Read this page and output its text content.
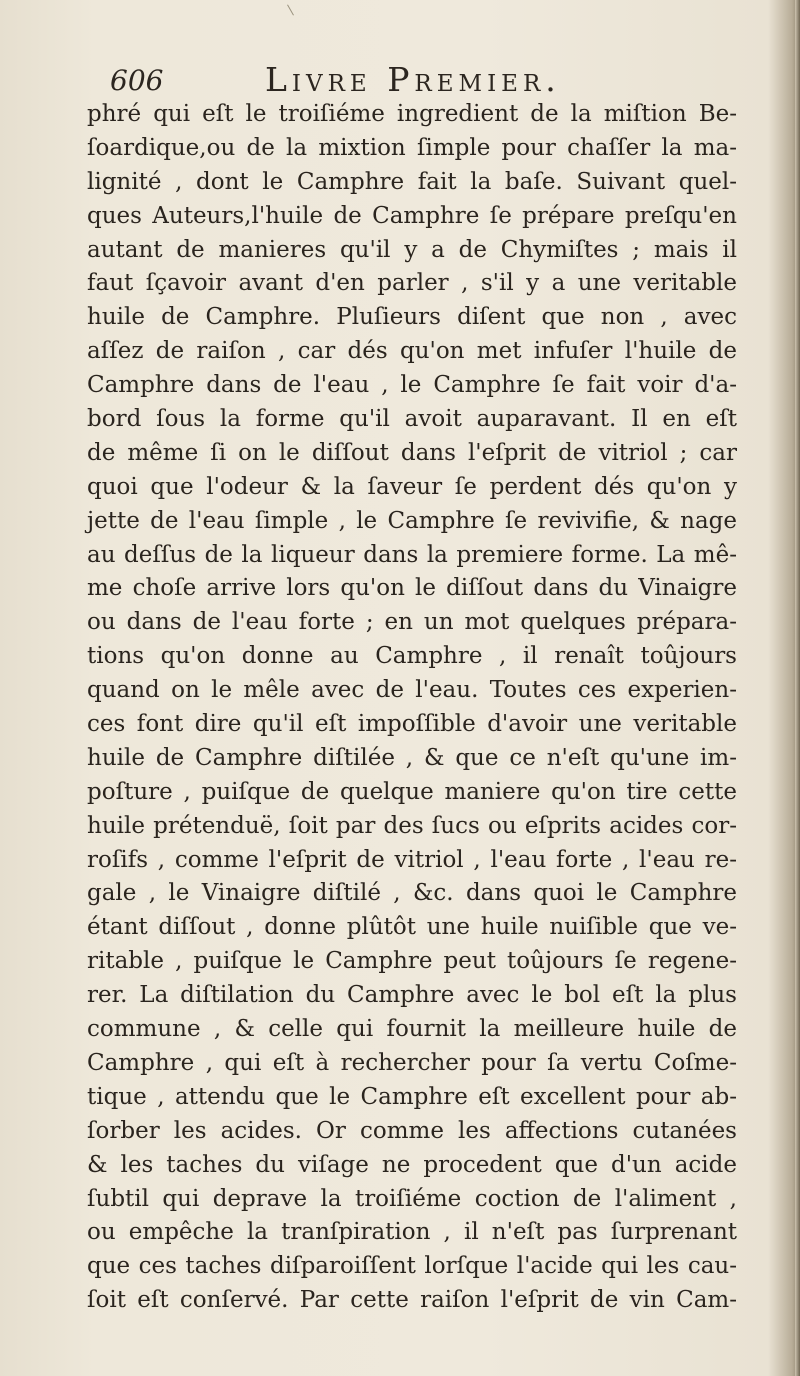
606	Livre Premier.
phré qui eſt le troiſiéme ingredient de la miſtion Be-
ſoardique,ou de la mixtion ſimple pour chaſſer la ma-
lignité , dont le Camphre fait la baſe. Suivant quel-
ques Auteurs,l'huile de Camphre ſe prépare preſqu'en
autant de manieres qu'il y a de Chymiſtes ; mais il
faut ſçavoir avant d'en parler , s'il y a une veritable
huile de Camphre. Pluſieurs diſent que non , avec
aſſez de raiſon , car dés qu'on met infuſer l'huile de
Camphre dans de l'eau , le Camphre ſe fait voir d'a-
bord ſous la forme qu'il avoit auparavant. Il en eſt
de même ſi on le diſſout dans l'eſprit de vitriol ; car
quoi que l'odeur & la ſaveur ſe perdent dés qu'on y
jette de l'eau ſimple , le Camphre ſe revivifie, & nage
au deſſus de la liqueur dans la premiere forme. La mê-
me choſe arrive lors qu'on le diſſout dans du Vinaigre
ou dans de l'eau forte ; en un mot quelques prépara-
tions qu'on donne au Camphre , il renaît toûjours
quand on le mêle avec de l'eau. Toutes ces experien-
ces font dire qu'il eſt impoſſible d'avoir une veritable
huile de Camphre diſtilée , & que ce n'eſt qu'une im-
poſture , puiſque de quelque maniere qu'on tire cette
huile prétenduë, ſoit par des ſucs ou eſprits acides cor-
roſifs , comme l'eſprit de vitriol , l'eau forte , l'eau re-
gale , le Vinaigre diſtilé , &c. dans quoi le Camphre
étant diſſout , donne plûtôt une huile nuiſible que ve-
ritable , puiſque le Camphre peut toûjours ſe regene-
rer. La diſtilation du Camphre avec le bol eſt la plus
commune , & celle qui fournit la meilleure huile de
Camphre , qui eſt à rechercher pour ſa vertu Coſme-
tique , attendu que le Camphre eſt excellent pour ab-
ſorber les acides. Or comme les affections cutanées
& les taches du viſage ne procedent que d'un acide
ſubtil qui deprave la troiſiéme coction de l'aliment ,
ou empêche la tranſpiration , il n'eſt pas ſurprenant
que ces taches diſparoiſſent lorſque l'acide qui les cau-
ſoit eſt conſervé. Par cette raiſon l'eſprit de vin Cam-
